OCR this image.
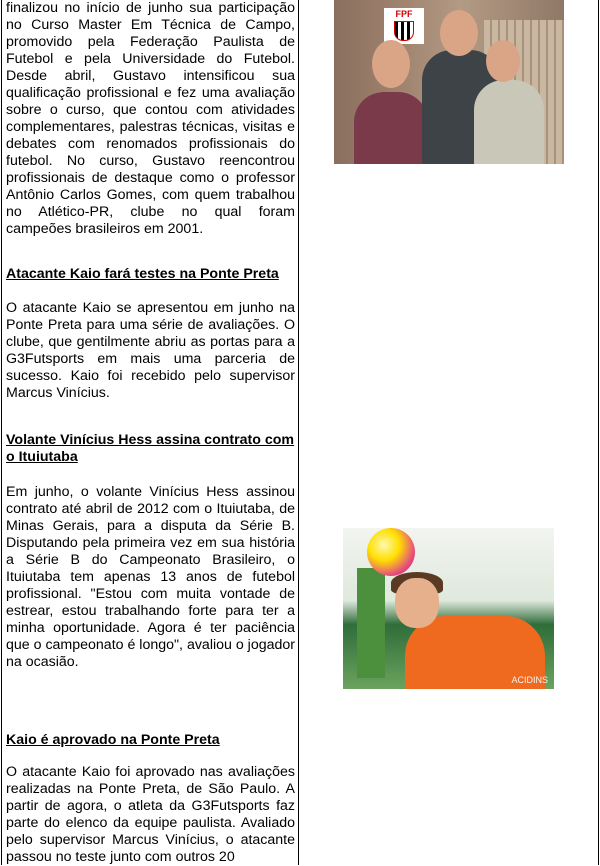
finalizou no início de junho sua participação no Curso Master Em Técnica de Campo, promovido pela Federação Paulista de Futebol e pela Universidade do Futebol. Desde abril, Gustavo intensificou sua qualificação profissional e fez uma avaliação sobre o curso, que contou com atividades complementares, palestras técnicas, visitas e debates com renomados profissionais do futebol. No curso, Gustavo reencontrou profissionais de destaque como o professor Antônio Carlos Gomes, com quem trabalhou no Atlético-PR, clube no qual foram campeões brasileiros em 2001.
Atacante Kaio fará testes na Ponte Preta
O atacante Kaio se apresentou em junho na Ponte Preta para uma série de avaliações. O clube, que gentilmente abriu as portas para a G3Futsports em mais uma parceria de sucesso. Kaio foi recebido pelo supervisor Marcus Vinícius.
Volante Vinícius Hess assina contrato com o Ituiutaba
Em junho, o volante Vinícius Hess assinou contrato até abril de 2012 com o Ituiutaba, de Minas Gerais, para a disputa da Série B. Disputando pela primeira vez em sua história a Série B do Campeonato Brasileiro, o Ituiutaba tem apenas 13 anos de futebol profissional. "Estou com muita vontade de estrear, estou trabalhando forte para ter a minha oportunidade. Agora é ter paciência que o campeonato é longo", avaliou o jogador na ocasião.
Kaio é aprovado na Ponte Preta
O atacante Kaio foi aprovado nas avaliações realizadas na Ponte Preta, de São Paulo. A partir de agora, o atleta da G3Futsports faz parte do elenco da equipe paulista. Avaliado pelo supervisor Marcus Vinícius, o atacante passou no teste junto com outros 20
FPF
ACIDINS
